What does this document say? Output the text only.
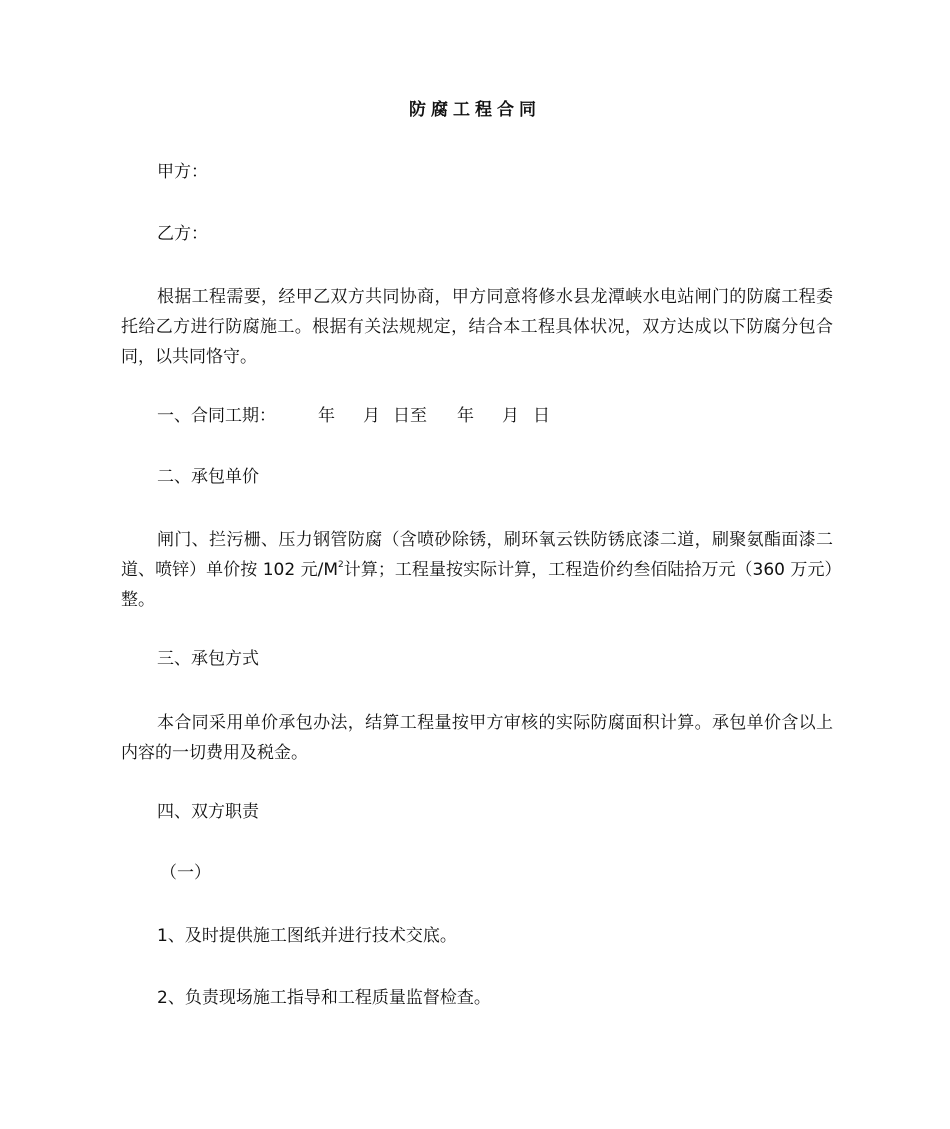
防腐工程合同
甲方：
乙方：
根据工程需要，经甲乙双方共同协商，甲方同意将修水县龙潭峡水电站闸门的防腐工程委托给乙方进行防腐施工。根据有关法规规定，结合本工程具体状况，双方达成以下防腐分包合同，以共同恪守。
一、合同工期： 年 月 日至 年 月 日
二、承包单价
闸门、拦污栅、压力钢管防腐（含喷砂除锈，刷环氧云铁防锈底漆二道，刷聚氨酯面漆二道、喷锌）单价按 102 元$/M^2$计算；工程量按实际计算，工程造价约叁佰陆拾万元（360 万元）整。
三、承包方式
本合同采用单价承包办法，结算工程量按甲方审核的实际防腐面积计算。承包单价含以上内容的一切费用及税金。
四、双方职责
（一）
1、及时提供施工图纸并进行技术交底。
2、负责现场施工指导和工程质量监督检查。
